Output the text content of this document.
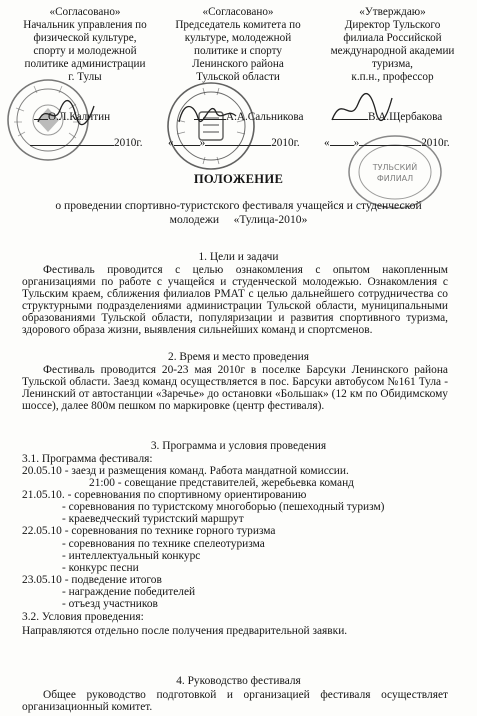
ТУЛЬСКИЙ
ФИЛИАЛ
«Согласовано»
Начальник управления по
физической культуре,
спорту и молодежной
политике администрации
г. Тулы
«Согласовано»
Председатель комитета по
культуре, молодежной
политике и спорту
Ленинского района
Тульской области
«Утверждаю»
Директор Тульского
филиала Российской
международной академии
туризма,
к.п.н., профессор
О.Л.Калитин	А.А.Сальникова	В.А.Щербакова
2010г. « »	2010г. « »	2010г.
ПОЛОЖЕНИЕ
о проведении спортивно-туристского фестиваля учащейся и студенческой
молодежи     «Тулица-2010»
1. Цели и задачи
Фестиваль проводится с целью ознакомления с опытом накопленным организациями по работе с учащейся и студенческой молодежью. Ознакомления с Тульским краем, сближения филиалов РМАТ с целью дальнейшего сотрудничества со структурными подразделениями администрации Тульской области, муниципальными образованиями Тульской области, популяризации и развития спортивного туризма, здорового образа жизни, выявления сильнейших команд и спортсменов.
2. Время и место проведения
Фестиваль проводится 20-23 мая 2010г в поселке Барсуки Ленинского района Тульской области. Заезд команд осуществляется в пос. Барсуки автобусом №161 Тула - Ленинский от автостанции «Заречье» до остановки «Большак» (12 км по Обидимскому шоссе), далее 800м пешком по маркировке (центр фестиваля).
3. Программа и условия проведения
3.1. Программа фестиваля:
20.05.10 - заезд и размещения команд. Работа мандатной комиссии.
21:00 - совещание представителей, жеребьевка команд
21.05.10. - соревнования по спортивному ориентированию
- соревнования по туристскому многоборью (пешеходный туризм)
- краеведческий туристский маршрут
22.05.10 - соревнования по технике горного туризма
- соревнования по технике спелеотуризма
- интеллектуальный конкурс
- конкурс песни
23.05.10 - подведение итогов
- награждение победителей
- отъезд участников
3.2. Условия проведения:
Направляются отдельно после получения предварительной заявки.
4. Руководство фестиваля
Общее руководство подготовкой и организацией фестиваля осуществляет организационный комитет.
